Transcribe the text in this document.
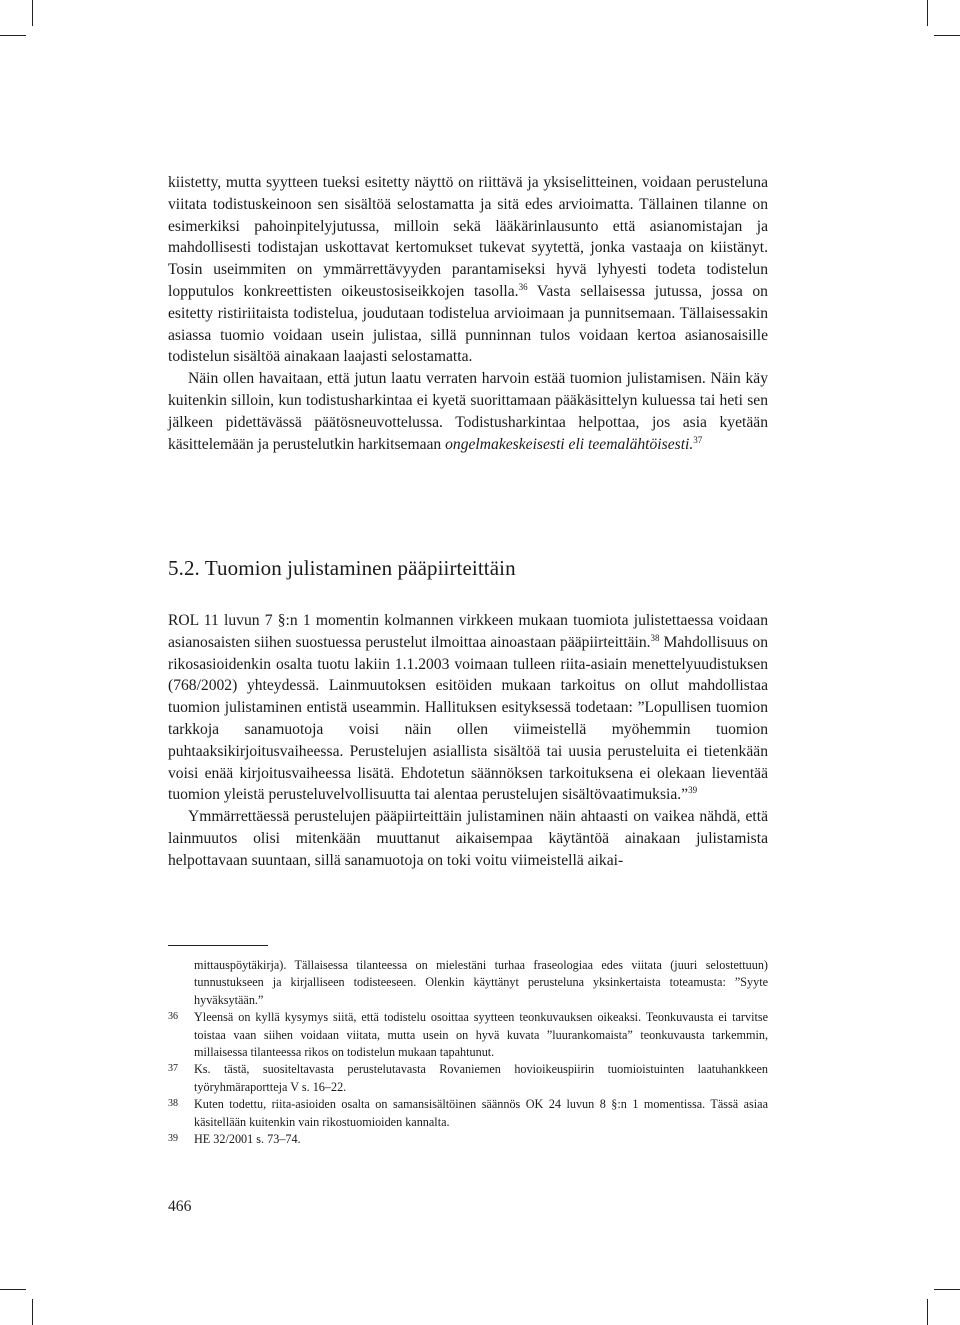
kiistetty, mutta syytteen tueksi esitetty näyttö on riittävä ja yksiselitteinen, voidaan perusteluna viitata todistuskeinoon sen sisältöä selostamatta ja sitä edes arvioimatta. Tällainen tilanne on esimerkiksi pahoinpitelyjutussa, milloin sekä lääkärinlausunto että asianomistajan ja mahdollisesti todistajan uskottavat kertomukset tukevat syytettä, jonka vastaaja on kiistänyt. Tosin useimmiten on ymmärrettävyyden parantamiseksi hyvä lyhyesti todeta todistelun lopputulos konkreettisten oikeustosiseikkojen tasolla.$^{36}$ Vasta sellaisessa jutussa, jossa on esitetty ristiriitaista todistelua, joudutaan todistelua arvioimaan ja punnitsemaan. Tällaisessakin asiassa tuomio voidaan usein julistaa, sillä punninnan tulos voidaan kertoa asianosaisille todistelun sisältöä ainakaan laajasti selostamatta.

Näin ollen havaitaan, että jutun laatu verraten harvoin estää tuomion julistamisen. Näin käy kuitenkin silloin, kun todistusharkintaa ei kyetä suorittamaan pääkäsittelyn kuluessa tai heti sen jälkeen pidettävässä päätösneuvottelussa. Todistusharkintaa helpottaa, jos asia kyetään käsittelemään ja perustelutkin harkitsemaan ongelmakeskeisesti eli teemalähtöisesti.$^{37}$

5.2. Tuomion julistaminen pääpiirteittäin

ROL 11 luvun 7 §:n 1 momentin kolmannen virkkeen mukaan tuomiota julistettaessa voidaan asianosaisten siihen suostuessa perustelut ilmoittaa ainoastaan pääpiirteittäin.$^{38}$ Mahdollisuus on rikosasioidenkin osalta tuotu lakiin 1.1.2003 voimaan tulleen riita-asiain menettelyuudistuksen (768/2002) yhteydessä. Lainmuutoksen esitöiden mukaan tarkoitus on ollut mahdollistaa tuomion julistaminen entistä useammin. Hallituksen esityksessä todetaan: ”Lopullisen tuomion tarkkoja sanamuotoja voisi näin ollen viimeistellä myöhemmin tuomion puhtaaksikirjoitusvaiheessa. Perustelujen asiallista sisältöä tai uusia perusteluita ei tietenkään voisi enää kirjoitusvaiheessa lisätä. Ehdotetun säännöksen tarkoituksena ei olekaan lieventää tuomion yleistä perusteluvelvollisuutta tai alentaa perustelujen sisältövaatimuksia.”$^{39}$

Ymmärrettäessä perustelujen pääpiirteittäin julistaminen näin ahtaasti on vaikea nähdä, että lainmuutos olisi mitenkään muuttanut aikaisempaa käytäntöä ainakaan julistamista helpottavaan suuntaan, sillä sanamuotoja on toki voitu viimeistellä aikai-

mittauspöytäkirja). Tällaisessa tilanteessa on mielestäni turhaa fraseologiaa edes viitata (juuri selostettuun) tunnustukseen ja kirjalliseen todisteeseen. Olenkin käyttänyt perusteluna yksinkertaista toteamusta: ”Syyte hyväksytään.”
36 Yleensä on kyllä kysymys siitä, että todistelu osoittaa syytteen teonkuvauksen oikeaksi. Teonkuvausta ei tarvitse toistaa vaan siihen voidaan viitata, mutta usein on hyvä kuvata ”luurankomaista” teonkuvausta tarkemmin, millaisessa tilanteessa rikos on todistelun mukaan tapahtunut.
37 Ks. tästä, suositeltavasta perustelutavasta Rovaniemen hovioikeuspiirin tuomioistuinten laatuhankkeen työryhmäraportteja V s. 16–22.
38 Kuten todettu, riita-asioiden osalta on samansisältöinen säännös OK 24 luvun 8 §:n 1 momentissa. Tässä asiaa käsitellään kuitenkin vain rikostuomioiden kannalta.
39 HE 32/2001 s. 73–74.
466
